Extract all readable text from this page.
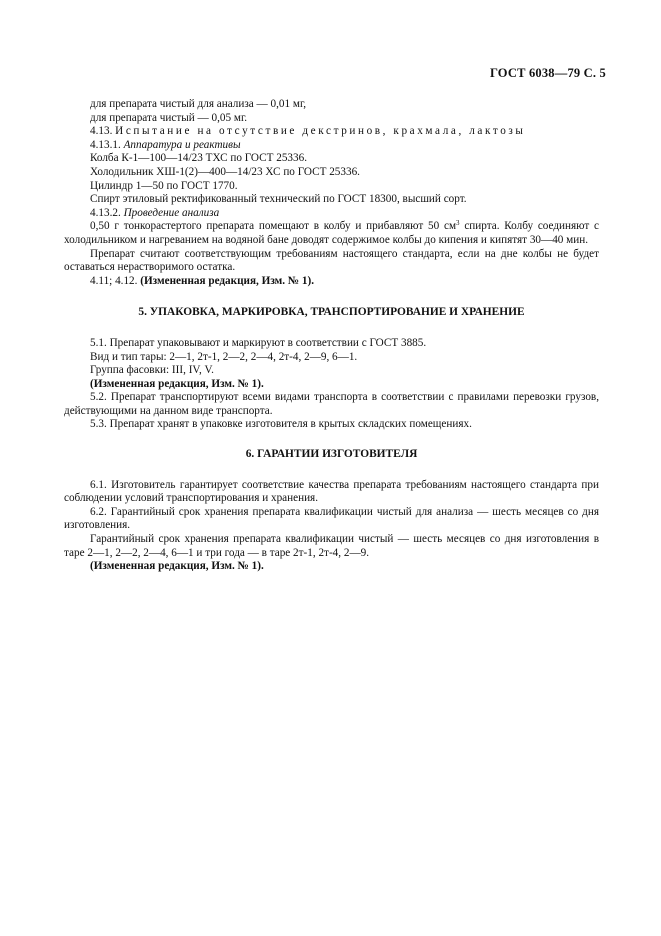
ГОСТ 6038—79 С. 5

для препарата чистый для анализа — 0,01 мг,

для препарата чистый — 0,05 мг.

4.13. Испытание на отсутствие декстринов, крахмала, лактозы

4.13.1. Аппаратура и реактивы

Колба К-1—100—14/23 ТХС по ГОСТ 25336.

Холодильник ХШ-1(2)—400—14/23 ХС по ГОСТ 25336.

Цилиндр 1—50 по ГОСТ 1770.

Спирт этиловый ректификованный технический по ГОСТ 18300, высший сорт.

4.13.2. Проведение анализа

0,50 г тонкорастертого препарата помещают в колбу и прибавляют 50 $см^3$ спирта. Колбу соединяют с холодильником и нагреванием на водяной бане доводят содержимое колбы до кипения и кипятят 30—40 мин.

Препарат считают соответствующим требованиям настоящего стандарта, если на дне колбы не будет оставаться нерастворимого остатка.

4.11; 4.12. (Измененная редакция, Изм. № 1).

5. УПАКОВКА, МАРКИРОВКА, ТРАНСПОРТИРОВАНИЕ И ХРАНЕНИЕ

5.1. Препарат упаковывают и маркируют в соответствии с ГОСТ 3885.

Вид и тип тары: 2—1, 2т-1, 2—2, 2—4, 2т-4, 2—9, 6—1.

Группа фасовки: III, IV, V.

(Измененная редакция, Изм. № 1).

5.2. Препарат транспортируют всеми видами транспорта в соответствии с правилами перевозки грузов, действующими на данном виде транспорта.

5.3. Препарат хранят в упаковке изготовителя в крытых складских помещениях.

6. ГАРАНТИИ ИЗГОТОВИТЕЛЯ

6.1. Изготовитель гарантирует соответствие качества препарата требованиям настоящего стандарта при соблюдении условий транспортирования и хранения.

6.2. Гарантийный срок хранения препарата квалификации чистый для анализа — шесть месяцев со дня изготовления.

Гарантийный срок хранения препарата квалификации чистый — шесть месяцев со дня изготовления в таре 2—1, 2—2, 2—4, 6—1 и три года — в таре 2т-1, 2т-4, 2—9.

(Измененная редакция, Изм. № 1).
